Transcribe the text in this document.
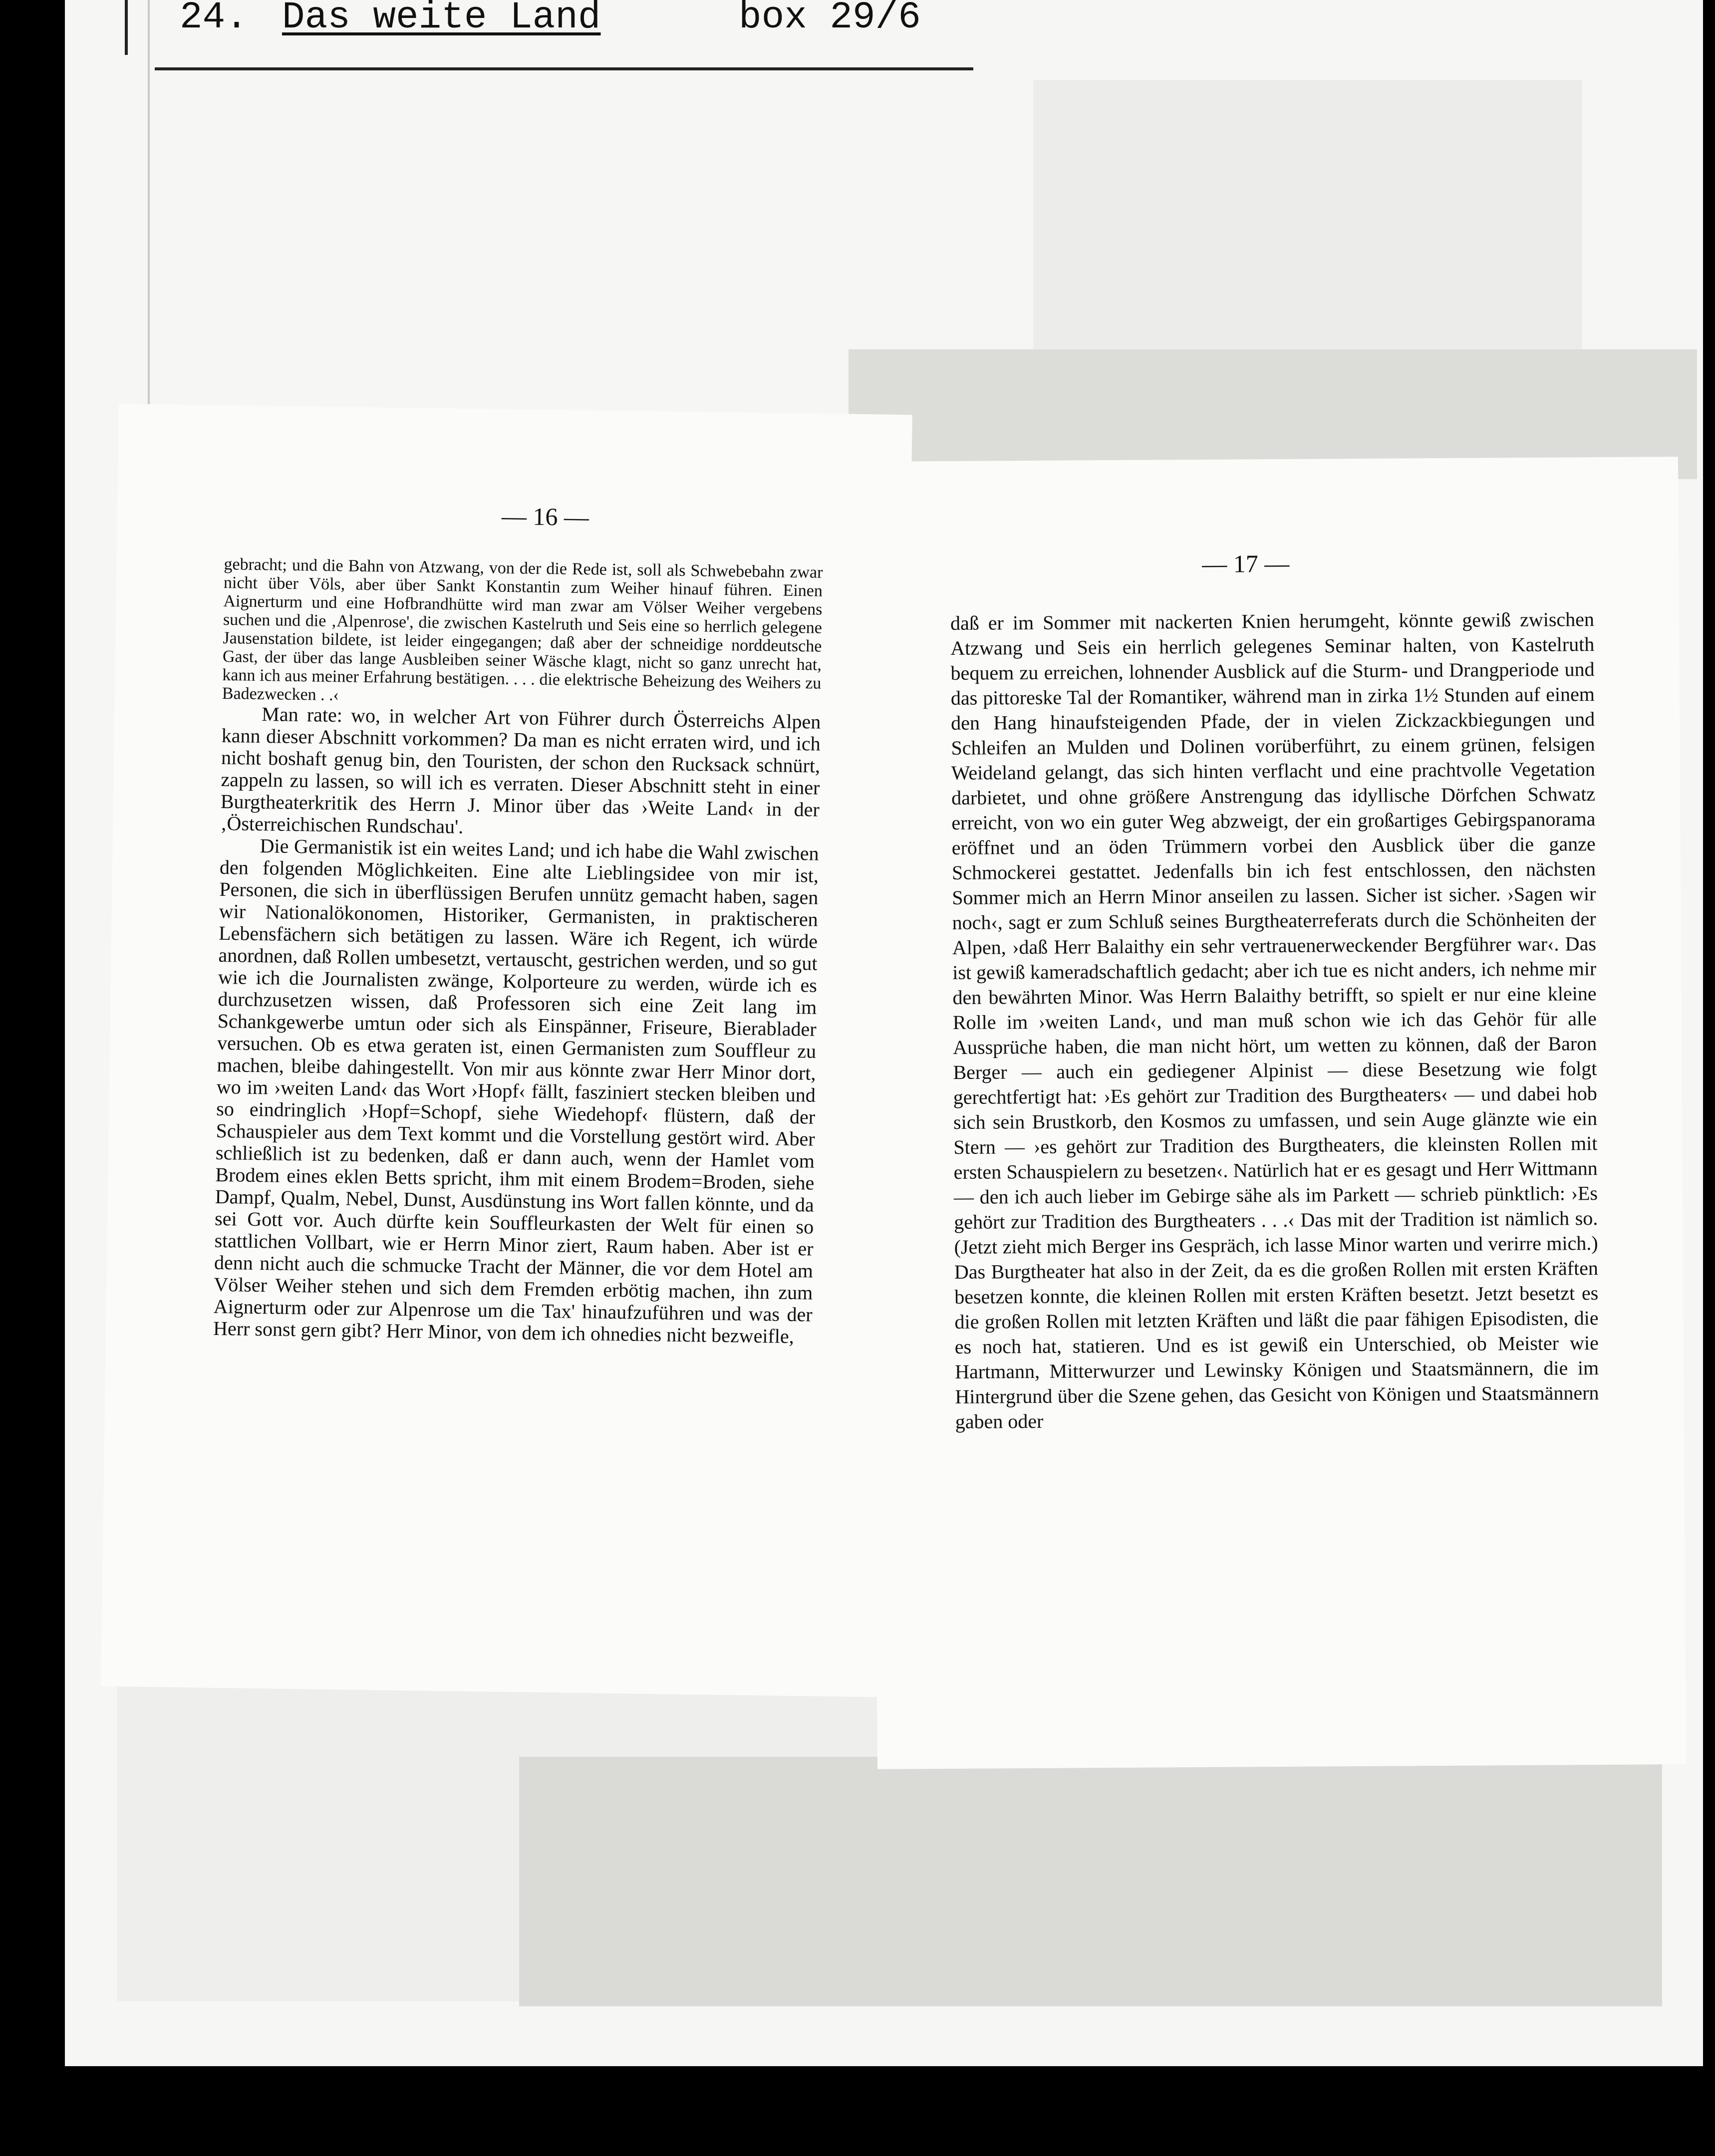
24. Das weite Land	box 29/6
— 16 —

gebracht; und die Bahn von Atzwang, von der die Rede ist, soll als Schwebebahn zwar nicht über Völs, aber über Sankt Konstantin zum Weiher hinauf führen. Einen Aignerturm und eine Hofbrandhütte wird man zwar am Völser Weiher vergebens suchen und die ‚Alpenrose', die zwischen Kastelruth und Seis eine so herrlich gelegene Jausenstation bildete, ist leider eingegangen; daß aber der schneidige norddeutsche Gast, der über das lange Ausbleiben seiner Wäsche klagt, nicht so ganz unrecht hat, kann ich aus meiner Erfahrung bestätigen. . . . die elektrische Beheizung des Weihers zu Badezwecken . .‹

Man rate: wo, in welcher Art von Führer durch Österreichs Alpen kann dieser Abschnitt vorkommen? Da man es nicht erraten wird, und ich nicht boshaft genug bin, den Touristen, der schon den Rucksack schnürt, zappeln zu lassen, so will ich es verraten. Dieser Abschnitt steht in einer Burgtheaterkritik des Herrn J. Minor über das ›Weite Land‹ in der ‚Österreichischen Rundschau'.

Die Germanistik ist ein weites Land; und ich habe die Wahl zwischen den folgenden Möglichkeiten. Eine alte Lieblingsidee von mir ist, Personen, die sich in überflüssigen Berufen unnütz gemacht haben, sagen wir Nationalökonomen, Historiker, Germanisten, in praktischeren Lebensfächern sich betätigen zu lassen. Wäre ich Regent, ich würde anordnen, daß Rollen umbesetzt, vertauscht, gestrichen werden, und so gut wie ich die Journalisten zwänge, Kolporteure zu werden, würde ich es durchzusetzen wissen, daß Professoren sich eine Zeit lang im Schankgewerbe umtun oder sich als Einspänner, Friseure, Bierablader versuchen. Ob es etwa geraten ist, einen Germanisten zum Souffleur zu machen, bleibe dahingestellt. Von mir aus könnte zwar Herr Minor dort, wo im ›weiten Land‹ das Wort ›Hopf‹ fällt, fasziniert stecken bleiben und so eindringlich ›Hopf=Schopf, siehe Wiedehopf‹ flüstern, daß der Schauspieler aus dem Text kommt und die Vorstellung gestört wird. Aber schließlich ist zu bedenken, daß er dann auch, wenn der Hamlet vom Brodem eines eklen Betts spricht, ihm mit einem Brodem=Broden, siehe Dampf, Qualm, Nebel, Dunst, Ausdünstung ins Wort fallen könnte, und da sei Gott vor. Auch dürfte kein Souffleurkasten der Welt für einen so stattlichen Vollbart, wie er Herrn Minor ziert, Raum haben. Aber ist er denn nicht auch die schmucke Tracht der Männer, die vor dem Hotel am Völser Weiher stehen und sich dem Fremden erbötig machen, ihn zum Aignerturm oder zur Alpenrose um die Tax' hinaufzuführen und was der Herr sonst gern gibt? Herr Minor, von dem ich ohnedies nicht bezweifle,

— 17 —

daß er im Sommer mit nackerten Knien herumgeht, könnte gewiß zwischen Atzwang und Seis ein herrlich gelegenes Seminar halten, von Kastelruth bequem zu erreichen, lohnender Ausblick auf die Sturm- und Drangperiode und das pittoreske Tal der Romantiker, während man in zirka 1½ Stunden auf einem den Hang hinaufsteigenden Pfade, der in vielen Zickzackbiegungen und Schleifen an Mulden und Dolinen vorüberführt, zu einem grünen, felsigen Weideland gelangt, das sich hinten verflacht und eine prachtvolle Vegetation darbietet, und ohne größere Anstrengung das idyllische Dörfchen Schwatz erreicht, von wo ein guter Weg abzweigt, der ein großartiges Gebirgspanorama eröffnet und an öden Trümmern vorbei den Ausblick über die ganze Schmockerei gestattet. Jedenfalls bin ich fest entschlossen, den nächsten Sommer mich an Herrn Minor anseilen zu lassen. Sicher ist sicher. ›Sagen wir noch‹, sagt er zum Schluß seines Burgtheaterreferats durch die Schönheiten der Alpen, ›daß Herr Balaithy ein sehr vertrauenerweckender Bergführer war‹. Das ist gewiß kameradschaftlich gedacht; aber ich tue es nicht anders, ich nehme mir den bewährten Minor. Was Herrn Balaithy betrifft, so spielt er nur eine kleine Rolle im ›weiten Land‹, und man muß schon wie ich das Gehör für alle Aussprüche haben, die man nicht hört, um wetten zu können, daß der Baron Berger — auch ein gediegener Alpinist — diese Besetzung wie folgt gerechtfertigt hat: ›Es gehört zur Tradition des Burgtheaters‹ — und dabei hob sich sein Brustkorb, den Kosmos zu umfassen, und sein Auge glänzte wie ein Stern — ›es gehört zur Tradition des Burgtheaters, die kleinsten Rollen mit ersten Schauspielern zu besetzen‹. Natürlich hat er es gesagt und Herr Wittmann — den ich auch lieber im Gebirge sähe als im Parkett — schrieb pünktlich: ›Es gehört zur Tradition des Burgtheaters . . .‹ Das mit der Tradition ist nämlich so. (Jetzt zieht mich Berger ins Gespräch, ich lasse Minor warten und verirre mich.) Das Burgtheater hat also in der Zeit, da es die großen Rollen mit ersten Kräften besetzen konnte, die kleinen Rollen mit ersten Kräften besetzt. Jetzt besetzt es die großen Rollen mit letzten Kräften und läßt die paar fähigen Episodisten, die es noch hat, statieren. Und es ist gewiß ein Unterschied, ob Meister wie Hartmann, Mitterwurzer und Lewinsky Königen und Staatsmännern, die im Hintergrund über die Szene gehen, das Gesicht von Königen und Staatsmännern gaben oder
